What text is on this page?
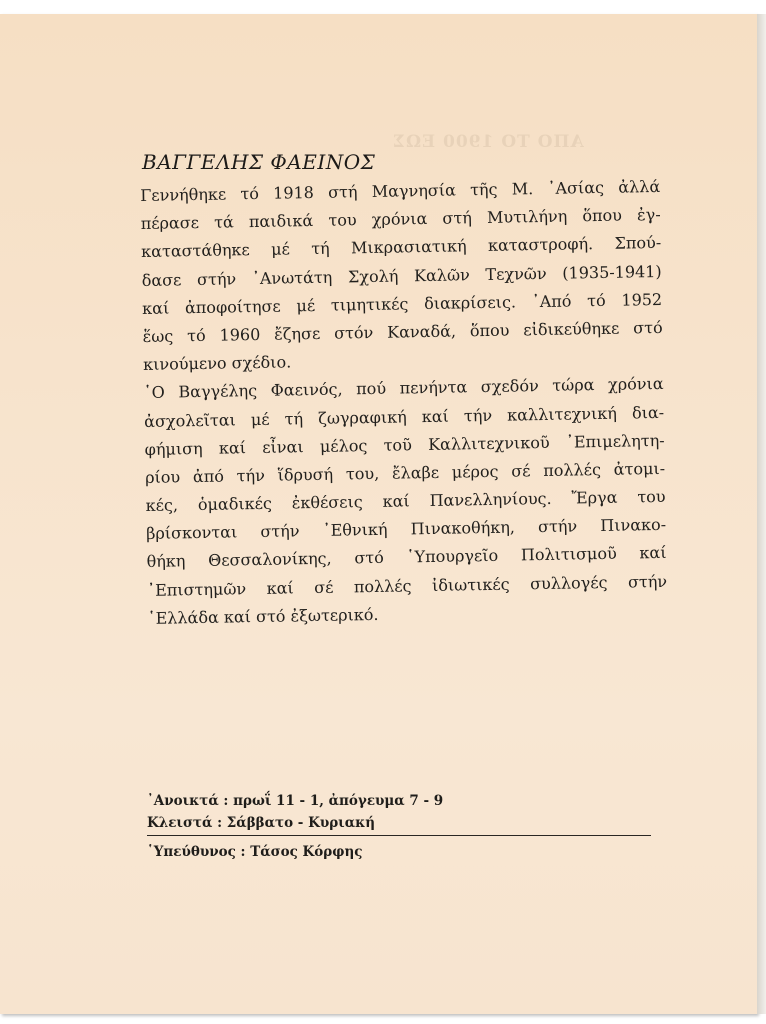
ΑΠΟ ΤΟ 1900 ΕΩΣ
ΒΑΓΓΕΛΗΣ ΦΑΕΙΝΟΣ
Γεννήθηκε τό 1918 στή Μαγνησία τῆς Μ. ᾿Ασίας ἀλλά
πέρασε τά παιδικά του χρόνια στή Μυτιλήνη ὅπου ἐγ-
καταστάθηκε μέ τή Μικρασιατική καταστροφή. Σπού-
δασε στήν ᾿Ανωτάτη Σχολή Καλῶν Τεχνῶν (1935-1941)
καί ἀποφοίτησε μέ τιμητικές διακρίσεις. ᾿Από τό 1952
ἕως τό 1960 ἔζησε στόν Καναδά, ὅπου εἰδικεύθηκε στό
κινούμενο σχέδιο.
῾Ο Βαγγέλης Φαεινός, πού πενήντα σχεδόν τώρα χρόνια
ἀσχολεῖται μέ τή ζωγραφική καί τήν καλλιτεχνική δια-
φήμιση καί εἶναι μέλος τοῦ Καλλιτεχνικοῦ ᾿Επιμελητη-
ρίου ἀπό τήν ἵδρυσή του, ἔλαβε μέρος σέ πολλές ἀτομι-
κές, ὁμαδικές ἐκθέσεις καί Πανελληνίους. Ἔργα του
βρίσκονται στήν ᾿Εθνική Πινακοθήκη, στήν Πινακο-
θήκη Θεσσαλονίκης, στό ῾Υπουργεῖο Πολιτισμοῦ καί
᾿Επιστημῶν καί σέ πολλές ἰδιωτικές συλλογές στήν
῾Ελλάδα καί στό ἐξωτερικό.
᾿Ανοικτά : πρωΐ 11 - 1, ἀπόγευμα 7 - 9
Κλειστά : Σάββατο - Κυριακή
῾Υπεύθυνος : Τάσος Κόρφης
